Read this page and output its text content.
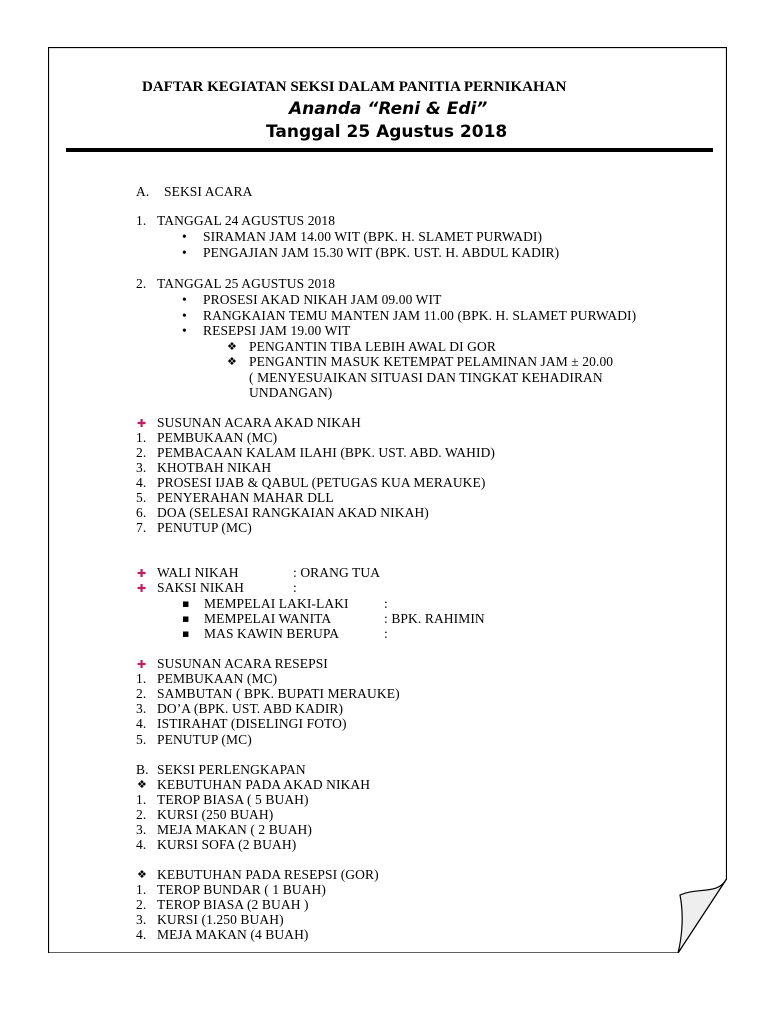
DAFTAR KEGIATAN SEKSI DALAM PANITIA PERNIKAHAN
Ananda “Reni & Edi”
Tanggal 25 Agustus 2018
A. SEKSI ACARA
1. TANGGAL 24 AGUSTUS 2018
• SIRAMAN JAM 14.00 WIT (BPK. H. SLAMET PURWADI)
• PENGAJIAN JAM 15.30 WIT (BPK. UST. H. ABDUL KADIR)
2. TANGGAL 25 AGUSTUS 2018
• PROSESI AKAD NIKAH JAM 09.00 WIT
• RANGKAIAN TEMU MANTEN JAM 11.00 (BPK. H. SLAMET PURWADI)
• RESEPSI JAM 19.00 WIT
❖ PENGANTIN TIBA LEBIH AWAL DI GOR
❖ PENGANTIN MASUK KETEMPAT PELAMINAN JAM ± 20.00
( MENYESUAIKAN SITUASI DAN TINGKAT KEHADIRAN
UNDANGAN)
✚ SUSUNAN ACARA AKAD NIKAH
1. PEMBUKAAN (MC)
2. PEMBACAAN KALAM ILAHI (BPK. UST. ABD. WAHID)
3. KHOTBAH NIKAH
4. PROSESI IJAB & QABUL (PETUGAS KUA MERAUKE)
5. PENYERAHAN MAHAR DLL
6. DOA (SELESAI RANGKAIAN AKAD NIKAH)
7. PENUTUP (MC)
✚ WALI NIKAH	: ORANG TUA
✚ SAKSI NIKAH	:
▪ MEMPELAI LAKI-LAKI	:
▪ MEMPELAI WANITA	: BPK. RAHIMIN
▪ MAS KAWIN BERUPA	:
✚ SUSUNAN ACARA RESEPSI
1. PEMBUKAAN (MC)
2. SAMBUTAN ( BPK. BUPATI MERAUKE)
3. DO’A (BPK. UST. ABD KADIR)
4. ISTIRAHAT (DISELINGI FOTO)
5. PENUTUP (MC)
B. SEKSI PERLENGKAPAN
❖ KEBUTUHAN PADA AKAD NIKAH
1. TEROP BIASA ( 5 BUAH)
2. KURSI (250 BUAH)
3. MEJA MAKAN ( 2 BUAH)
4. KURSI SOFA (2 BUAH)
❖ KEBUTUHAN PADA RESEPSI (GOR)
1. TEROP BUNDAR ( 1 BUAH)
2. TEROP BIASA (2 BUAH )
3. KURSI (1.250 BUAH)
4. MEJA MAKAN (4 BUAH)
